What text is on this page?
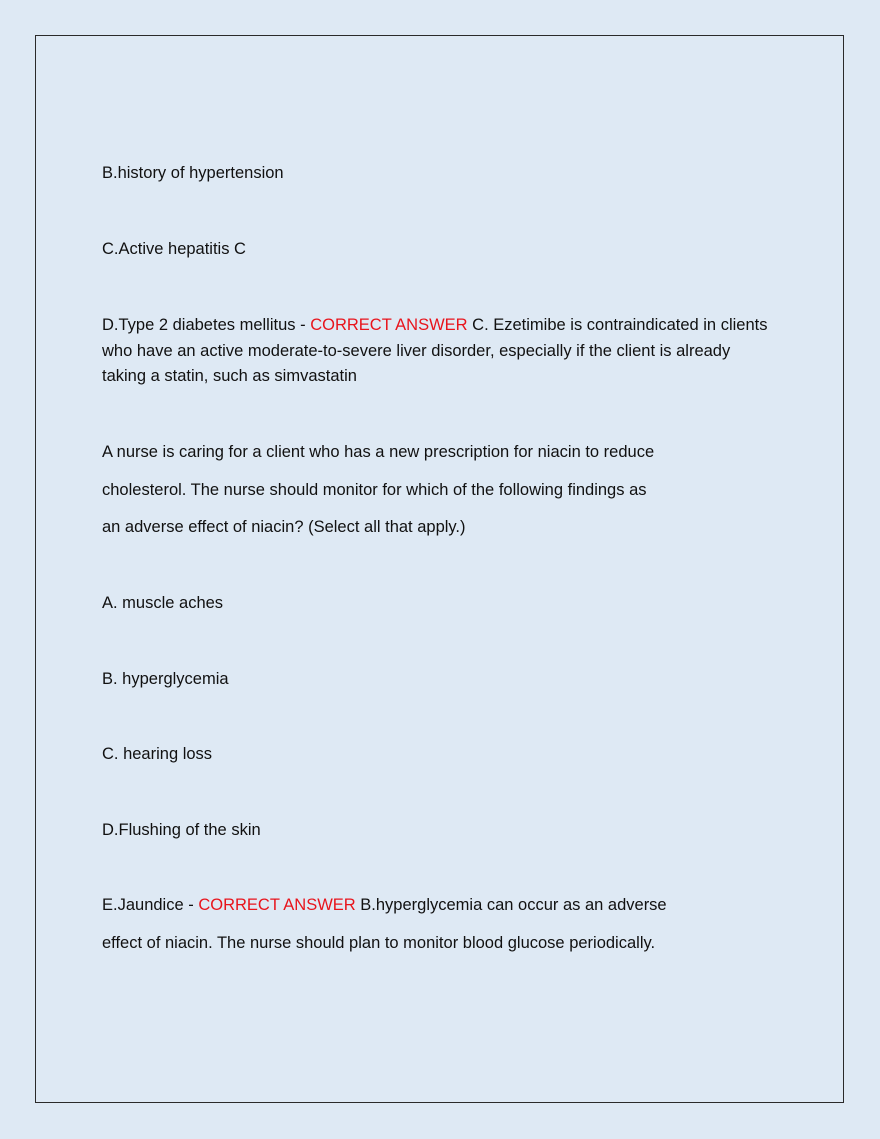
B.history of hypertension

C.Active hepatitis C

D.Type 2 diabetes mellitus - CORRECT ANSWER C. Ezetimibe is contraindicated in clients

who have an active moderate-to-severe liver disorder, especially if the client is already

taking a statin, such as simvastatin

A nurse is caring for a client who has a new prescription for niacin to reduce

cholesterol. The nurse should monitor for which of the following findings as

an adverse effect of niacin? (Select all that apply.)

A. muscle aches

B. hyperglycemia

C. hearing loss

D.Flushing of the skin

E.Jaundice - CORRECT ANSWER B.hyperglycemia can occur as an adverse

effect of niacin. The nurse should plan to monitor blood glucose periodically.
